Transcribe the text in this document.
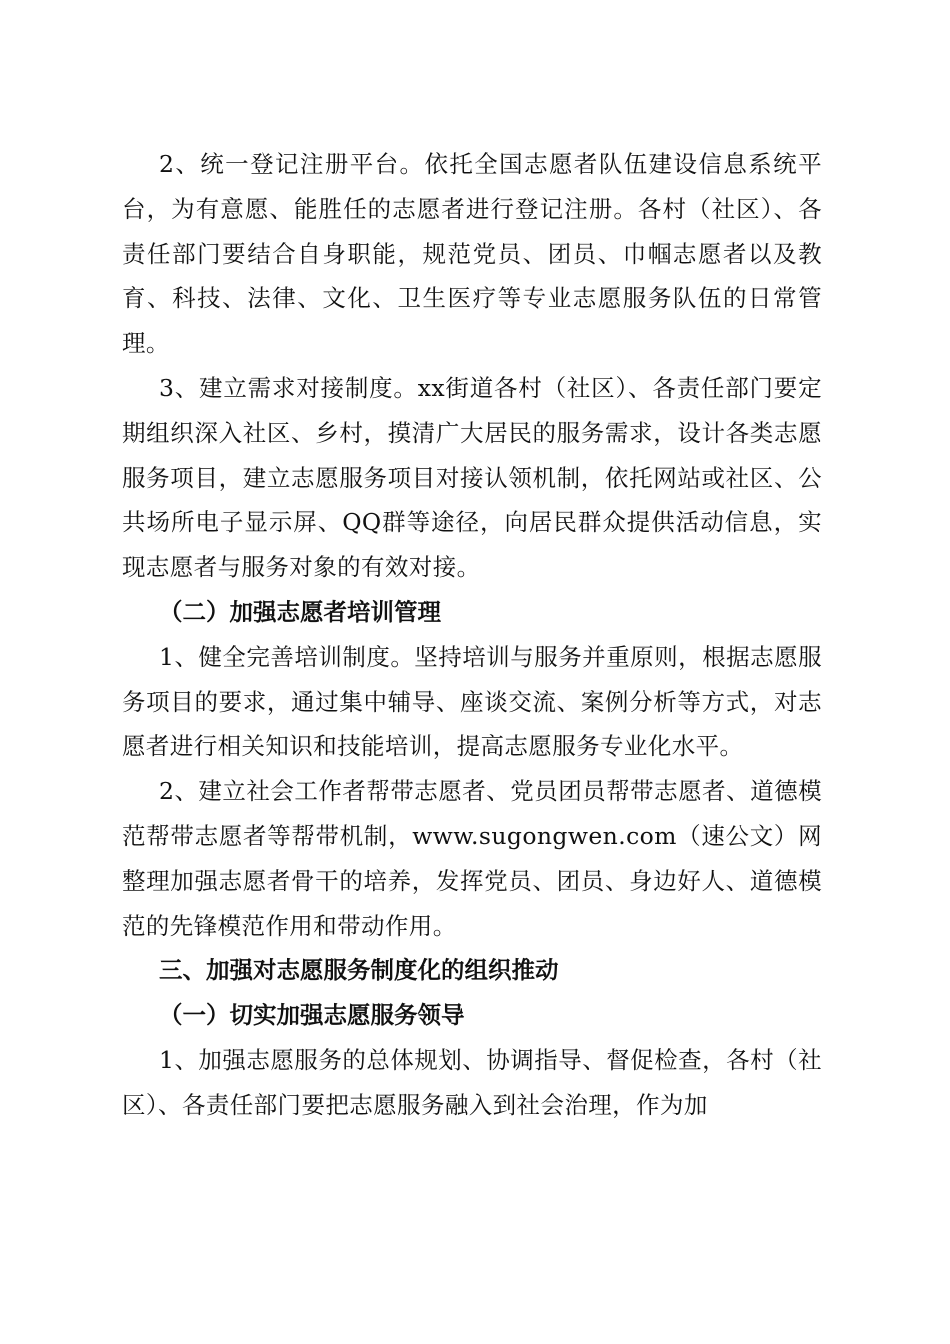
2、统一登记注册平台。依托全国志愿者队伍建设信息系统平台，为有意愿、能胜任的志愿者进行登记注册。各村（社区）、各责任部门要结合自身职能，规范党员、团员、巾帼志愿者以及教育、科技、法律、文化、卫生医疗等专业志愿服务队伍的日常管理。

3、建立需求对接制度。xx街道各村（社区）、各责任部门要定期组织深入社区、乡村，摸清广大居民的服务需求，设计各类志愿服务项目，建立志愿服务项目对接认领机制，依托网站或社区、公共场所电子显示屏、QQ群等途径，向居民群众提供活动信息，实现志愿者与服务对象的有效对接。

（二）加强志愿者培训管理

1、健全完善培训制度。坚持培训与服务并重原则，根据志愿服务项目的要求，通过集中辅导、座谈交流、案例分析等方式，对志愿者进行相关知识和技能培训，提高志愿服务专业化水平。

2、建立社会工作者帮带志愿者、党员团员帮带志愿者、道德模范帮带志愿者等帮带机制，www.sugongwen.com（速公文）网整理加强志愿者骨干的培养，发挥党员、团员、身边好人、道德模范的先锋模范作用和带动作用。

三、加强对志愿服务制度化的组织推动

（一）切实加强志愿服务领导

1、加强志愿服务的总体规划、协调指导、督促检查，各村（社区）、各责任部门要把志愿服务融入到社会治理，作为加
